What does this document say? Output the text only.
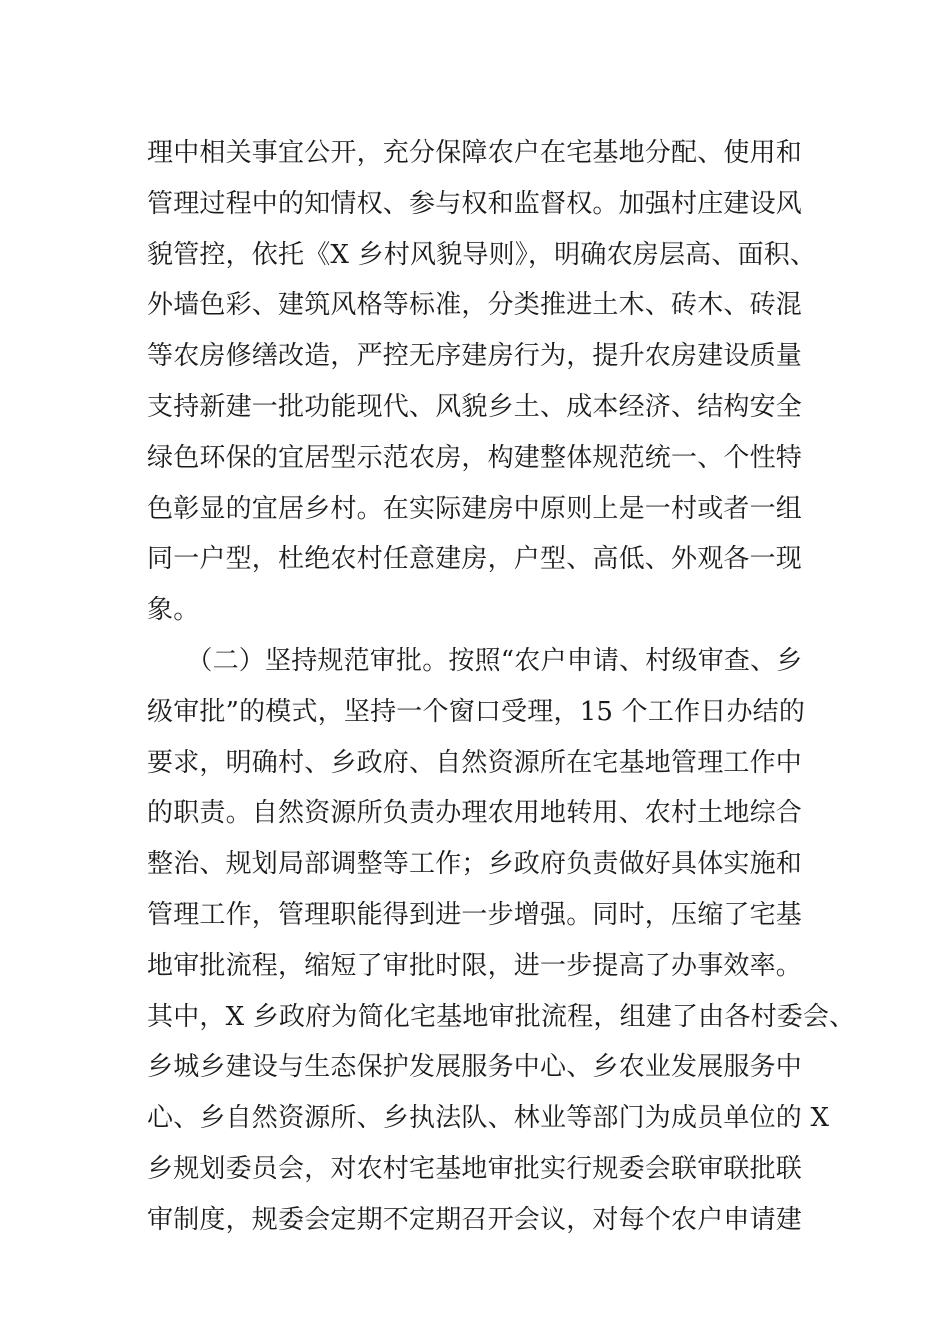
理中相关事宜公开，充分保障农户在宅基地分配、使用和
管理过程中的知情权、参与权和监督权。加强村庄建设风
貌管控，依托《X 乡村风貌导则》，明确农房层高、面积、
外墙色彩、建筑风格等标准，分类推进土木、砖木、砖混
等农房修缮改造，严控无序建房行为，提升农房建设质量
支持新建一批功能现代、风貌乡土、成本经济、结构安全
绿色环保的宜居型示范农房，构建整体规范统一、个性特
色彰显的宜居乡村。在实际建房中原则上是一村或者一组
同一户型，杜绝农村任意建房，户型、高低、外观各一现
象。
　　（二）坚持规范审批。按照“农户申请、村级审查、乡
级审批”的模式，坚持一个窗口受理，15 个工作日办结的
要求，明确村、乡政府、自然资源所在宅基地管理工作中
的职责。自然资源所负责办理农用地转用、农村土地综合
整治、规划局部调整等工作；乡政府负责做好具体实施和
管理工作，管理职能得到进一步增强。同时，压缩了宅基
地审批流程，缩短了审批时限，进一步提高了办事效率。
其中，X 乡政府为简化宅基地审批流程，组建了由各村委会、
乡城乡建设与生态保护发展服务中心、乡农业发展服务中
心、乡自然资源所、乡执法队、林业等部门为成员单位的 X
乡规划委员会，对农村宅基地审批实行规委会联审联批联
审制度，规委会定期不定期召开会议，对每个农户申请建
